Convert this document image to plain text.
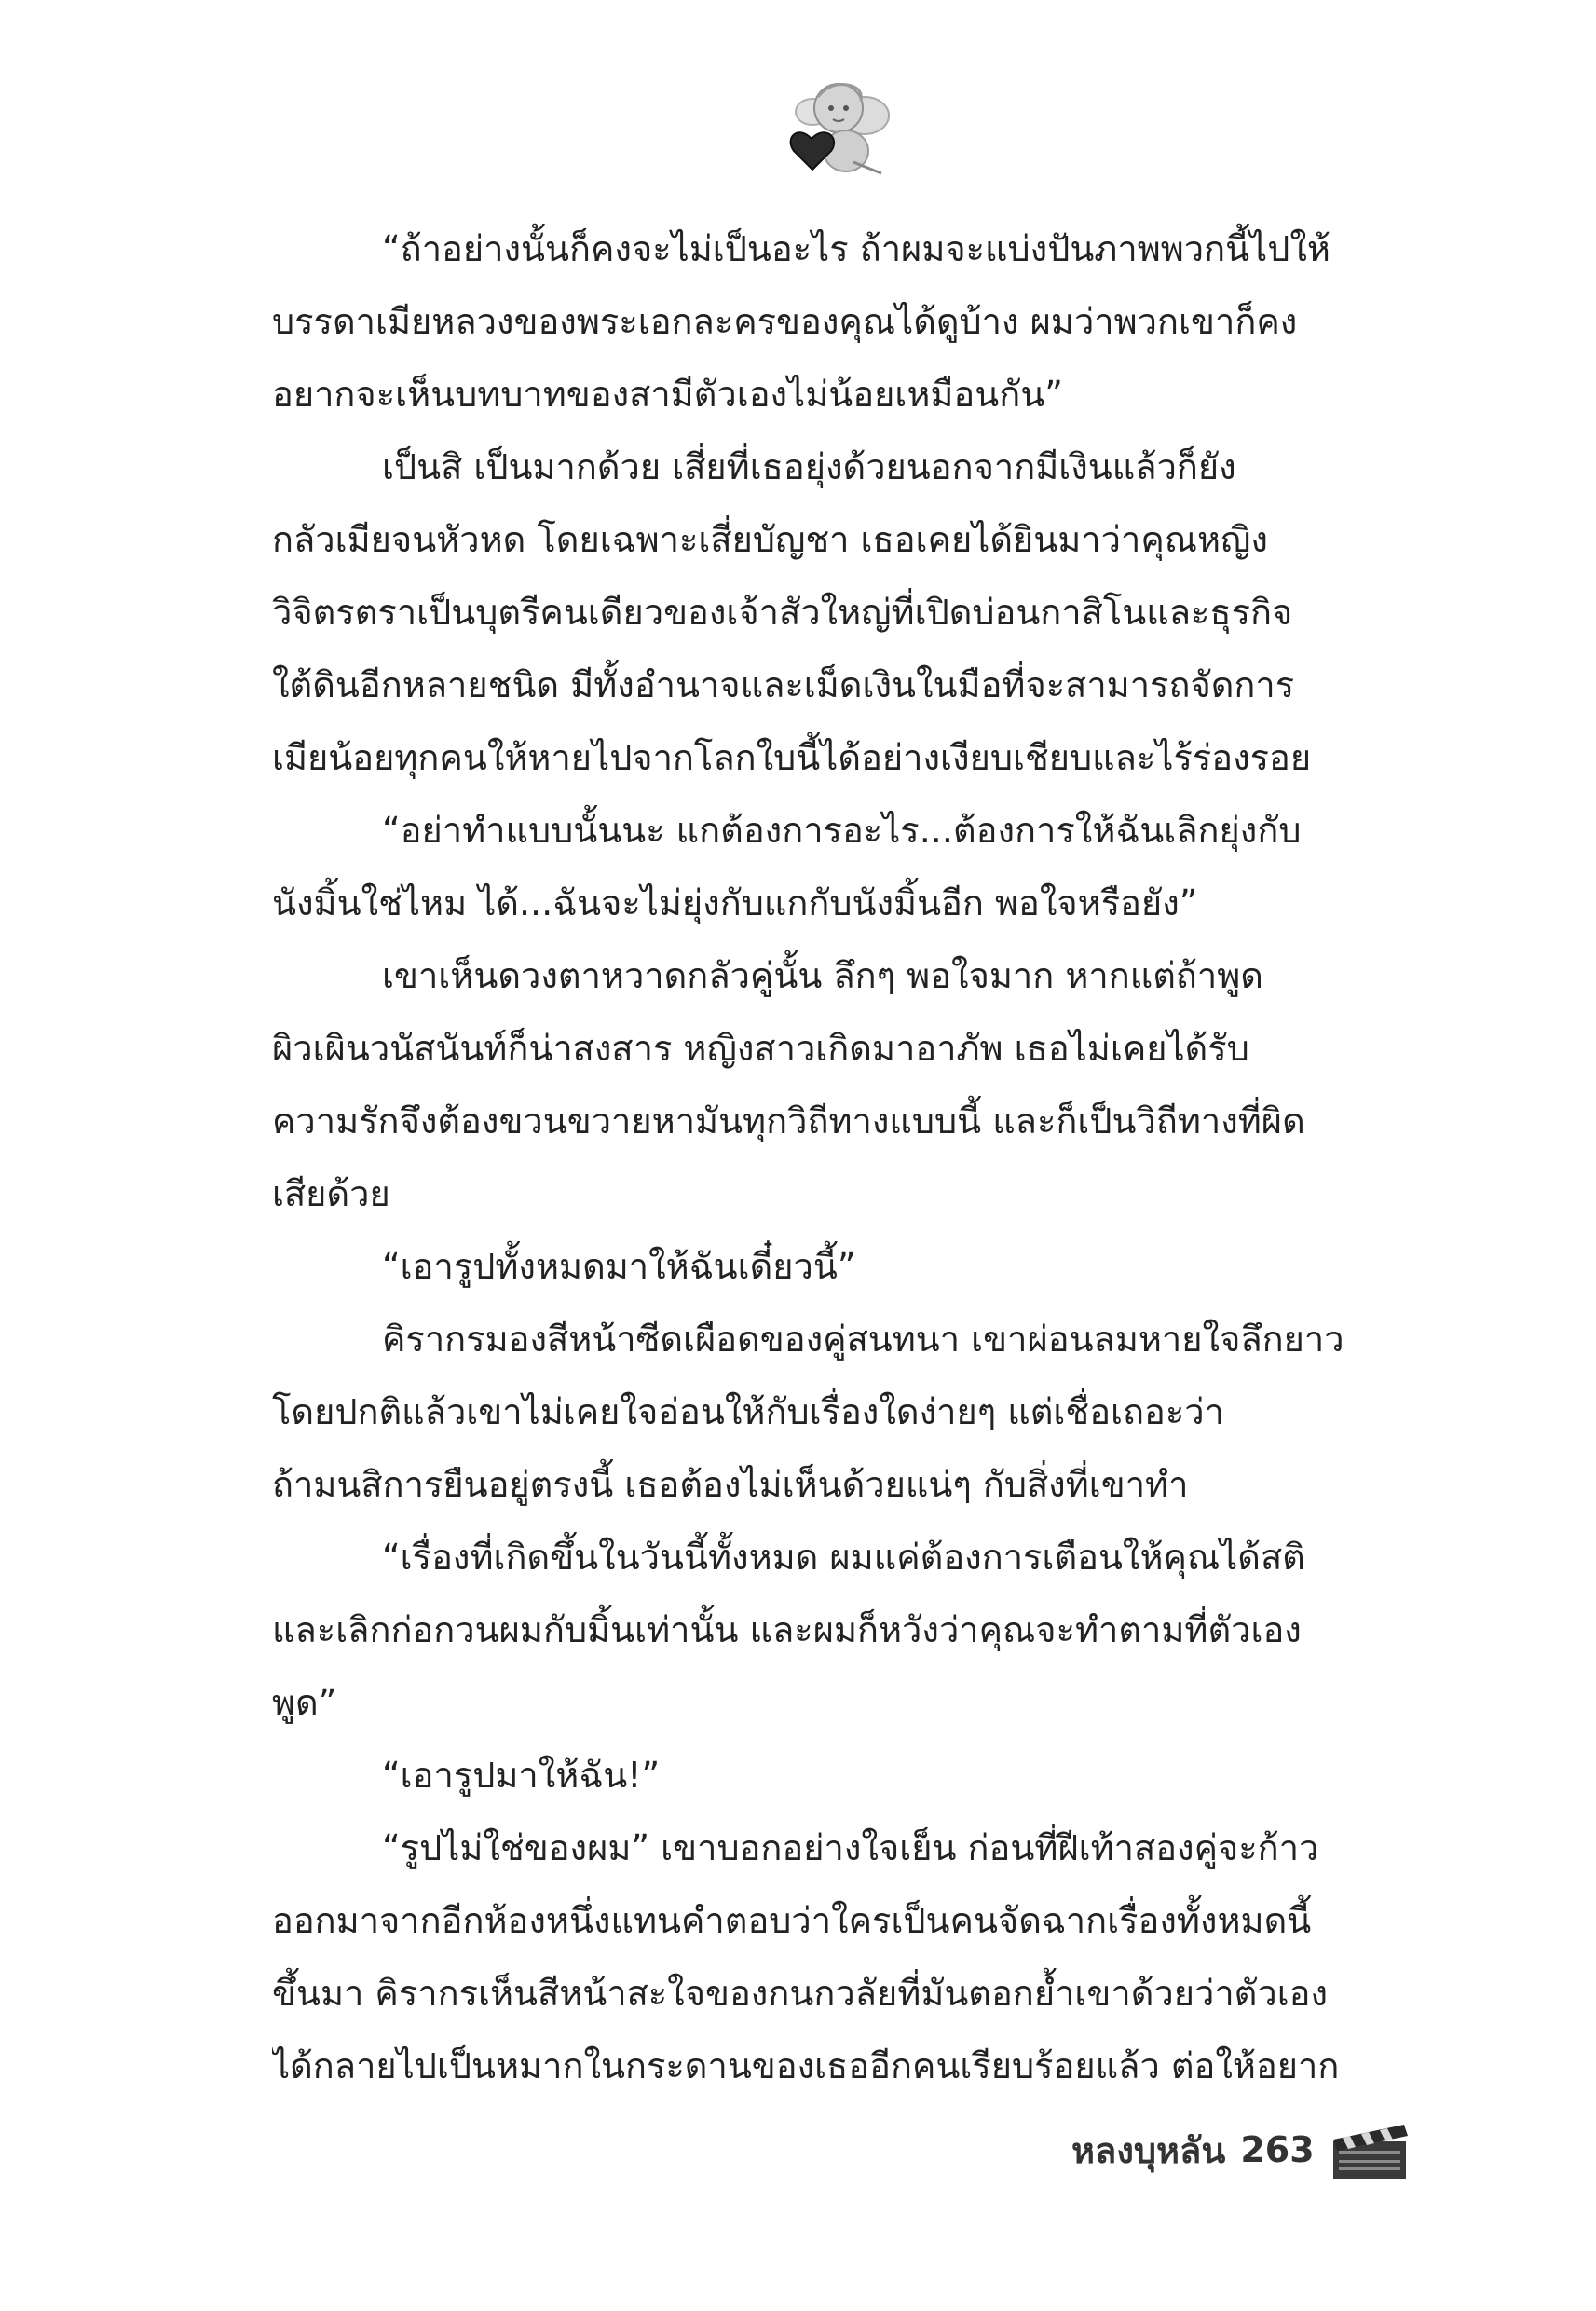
“ถ้าอย่างนั้นก็คงจะไม่เป็นอะไร ถ้าผมจะแบ่งปันภาพพวกนี้ไปให้
บรรดาเมียหลวงของพระเอกละครของคุณได้ดูบ้าง ผมว่าพวกเขาก็คง
อยากจะเห็นบทบาทของสามีตัวเองไม่น้อยเหมือนกัน”
เป็นสิ เป็นมากด้วย เสี่ยที่เธอยุ่งด้วยนอกจากมีเงินแล้วก็ยัง
กลัวเมียจนหัวหด โดยเฉพาะเสี่ยบัญชา เธอเคยได้ยินมาว่าคุณหญิง
วิจิตรตราเป็นบุตรีคนเดียวของเจ้าสัวใหญ่ที่เปิดบ่อนกาสิโนและธุรกิจ
ใต้ดินอีกหลายชนิด มีทั้งอำนาจและเม็ดเงินในมือที่จะสามารถจัดการ
เมียน้อยทุกคนให้หายไปจากโลกใบนี้ได้อย่างเงียบเชียบและไร้ร่องรอย
“อย่าทำแบบนั้นนะ แกต้องการอะไร...ต้องการให้ฉันเลิกยุ่งกับ
นังมิ้นใช่ไหม ได้...ฉันจะไม่ยุ่งกับแกกับนังมิ้นอีก พอใจหรือยัง”
เขาเห็นดวงตาหวาดกลัวคู่นั้น ลึกๆ พอใจมาก หากแต่ถ้าพูด
ผิวเผินวนัสนันท์ก็น่าสงสาร หญิงสาวเกิดมาอาภัพ เธอไม่เคยได้รับ
ความรักจึงต้องขวนขวายหามันทุกวิถีทางแบบนี้ และก็เป็นวิถีทางที่ผิด
เสียด้วย
“เอารูปทั้งหมดมาให้ฉันเดี๋ยวนี้”
คิรากรมองสีหน้าซีดเผือดของคู่สนทนา เขาผ่อนลมหายใจลึกยาว
โดยปกติแล้วเขาไม่เคยใจอ่อนให้กับเรื่องใดง่ายๆ แต่เชื่อเถอะว่า
ถ้ามนสิการยืนอยู่ตรงนี้ เธอต้องไม่เห็นด้วยแน่ๆ กับสิ่งที่เขาทำ
“เรื่องที่เกิดขึ้นในวันนี้ทั้งหมด ผมแค่ต้องการเตือนให้คุณได้สติ
และเลิกก่อกวนผมกับมิ้นเท่านั้น และผมก็หวังว่าคุณจะทำตามที่ตัวเอง
พูด”
“เอารูปมาให้ฉัน!”
“รูปไม่ใช่ของผม” เขาบอกอย่างใจเย็น ก่อนที่ฝีเท้าสองคู่จะก้าว
ออกมาจากอีกห้องหนึ่งแทนคำตอบว่าใครเป็นคนจัดฉากเรื่องทั้งหมดนี้
ขึ้นมา คิรากรเห็นสีหน้าสะใจของกนกวลัยที่มันตอกย้ำเขาด้วยว่าตัวเอง
ได้กลายไปเป็นหมากในกระดานของเธออีกคนเรียบร้อยแล้ว ต่อให้อยาก
หลงบุหลัน 263
